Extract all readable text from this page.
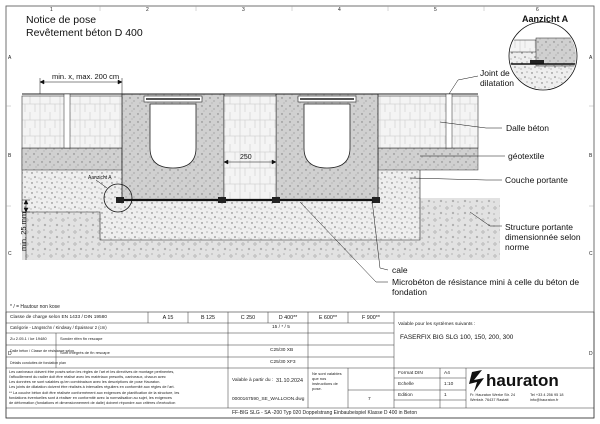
Notice de pose
Revêtement béton D 400
Aanzicht A
1	2	3	4	5	6
A
B
C
D
A
B
C
D
min. x, max. 200 cm
250
min. 25 mm
Joint de dilatation
Dalle béton
géotextile
Couche portante
Structure portante dimensionnée selon norme
cale
Microbéton de résistance mini à celle du béton de fondation
Aanzicht A
* / = Hautour non kose
Classe de charge selon EN 1433 / DIN 19580	A 15	B 125	C 250	D 400**	E 600**	F 900**
Catégorie - Längsschn / Kindway / Épaisseur 2 (cm)	15 / * / 5
Zu 2.05.1 / ke 19480	Sonder rifen fin rescape
Dalle béton / Classe de résistance selon	C25/30 XB
Détails conduites de fondation plan
Sont intégrés de fin rescape
C25/30 XF3
Valable pour les systèmes suivants :
FASERFIX BIG SLG 100, 150, 200, 300
Les caniveaux doivent être posés selon les règles de l'art et les directives de montage pertinentes,
l'affouillement du radier doit être réalisé avec les matériaux prescrits, caniveaux, chacun avec
Les données ne sont valables qu'en combinaison avec les descriptions de pose Hauraton.
Les joints de dilatation doivent être réalisés à intervalles réguliers en conformité aux règles de l'art.
** La couche béton doit être réalisée conformément aux exigences de planification de la structure, les
fondations éventuelles sont à réaliser en conformité avec la normalisation au sujet, les exigences
de déformation (fondations et dimensionnement de dalle) doivent répondre aux critères d'exécution
Valable à partir du : 31.10.2024
Ne sont valables que nos instructions de pose.
0000167590_SE_WALLOON.dwg	7
Format DIN	A4
Echelle	1:10
Edition	1
hauraton
Fr. Hauraton Werke Str. 24 Werkstr. 76437 Rastatt
Tel +33 4 256 95 18 info@hauraton.fr
FF-BIG SLG - SA -200 Typ 020 Doppelstrang Einbaubeispiel Klasse D 400 in Beton
